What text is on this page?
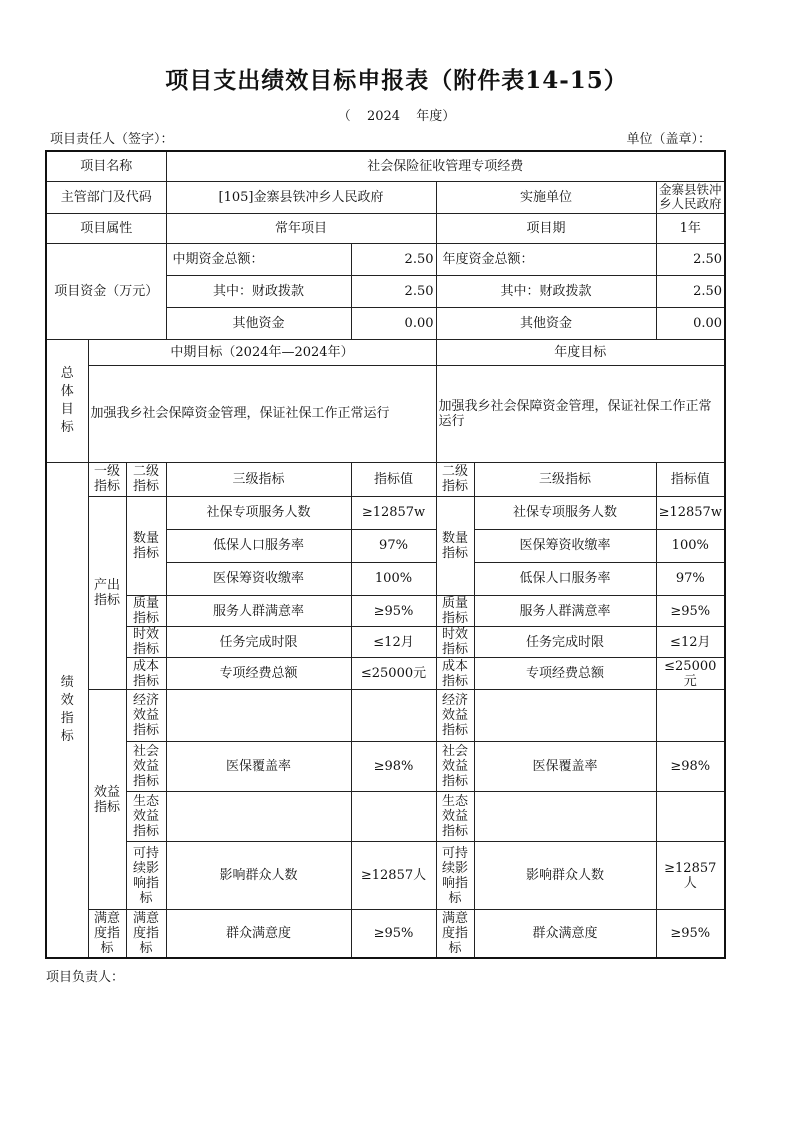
项目支出绩效目标申报表（附件表14-15）
（ 2024 年度）
项目责任人（签字）：	单位（盖章）：
项目名称			社会保险征收管理专项经费				
主管部门及代码			[105]金寨县铁冲乡人民政府		实施单位		金寨县铁冲乡人民政府
项目属性			常年项目		项目期		1年
项目资金（万元）			中期资金总额：	2.50	年度资金总额：		2.50
			其中：财政拨款	2.50	其中：财政拨款		2.50
			其他资金	0.00	其他资金		0.00

总体目标	中期目标（2024年—2024年）				年度目标		
	加强我乡社会保障资金管理，保证社保工作正常运行				加强我乡社会保障资金管理，保证社保工作正常运行		

绩效指标	一级指标	二级指标	三级指标	指标值	二级指标	三级指标	指标值
	产出指标	数量指标	社保专项服务人数	≥12857w	数量指标	社保专项服务人数	≥12857w
			低保人口服务率	97%		医保筹资收缴率	100%
			医保筹资收缴率	100%		低保人口服务率	97%
		质量指标	服务人群满意率	≥95%	质量指标	服务人群满意率	≥95%
		时效指标	任务完成时限	≤12月	时效指标	任务完成时限	≤12月
		成本指标	专项经费总额	≤25000元	成本指标	专项经费总额	≤25000元
	效益指标	经济效益指标			经济效益指标		
		社会效益指标	医保覆盖率	≥98%	社会效益指标	医保覆盖率	≥98%
		生态效益指标			生态效益指标		
		可持续影响指标	影响群众人数	≥12857人	可持续影响指标	影响群众人数	≥12857人
	满意度指标	满意度指标	群众满意度	≥95%	满意度指标	群众满意度	≥95%
项目负责人：
